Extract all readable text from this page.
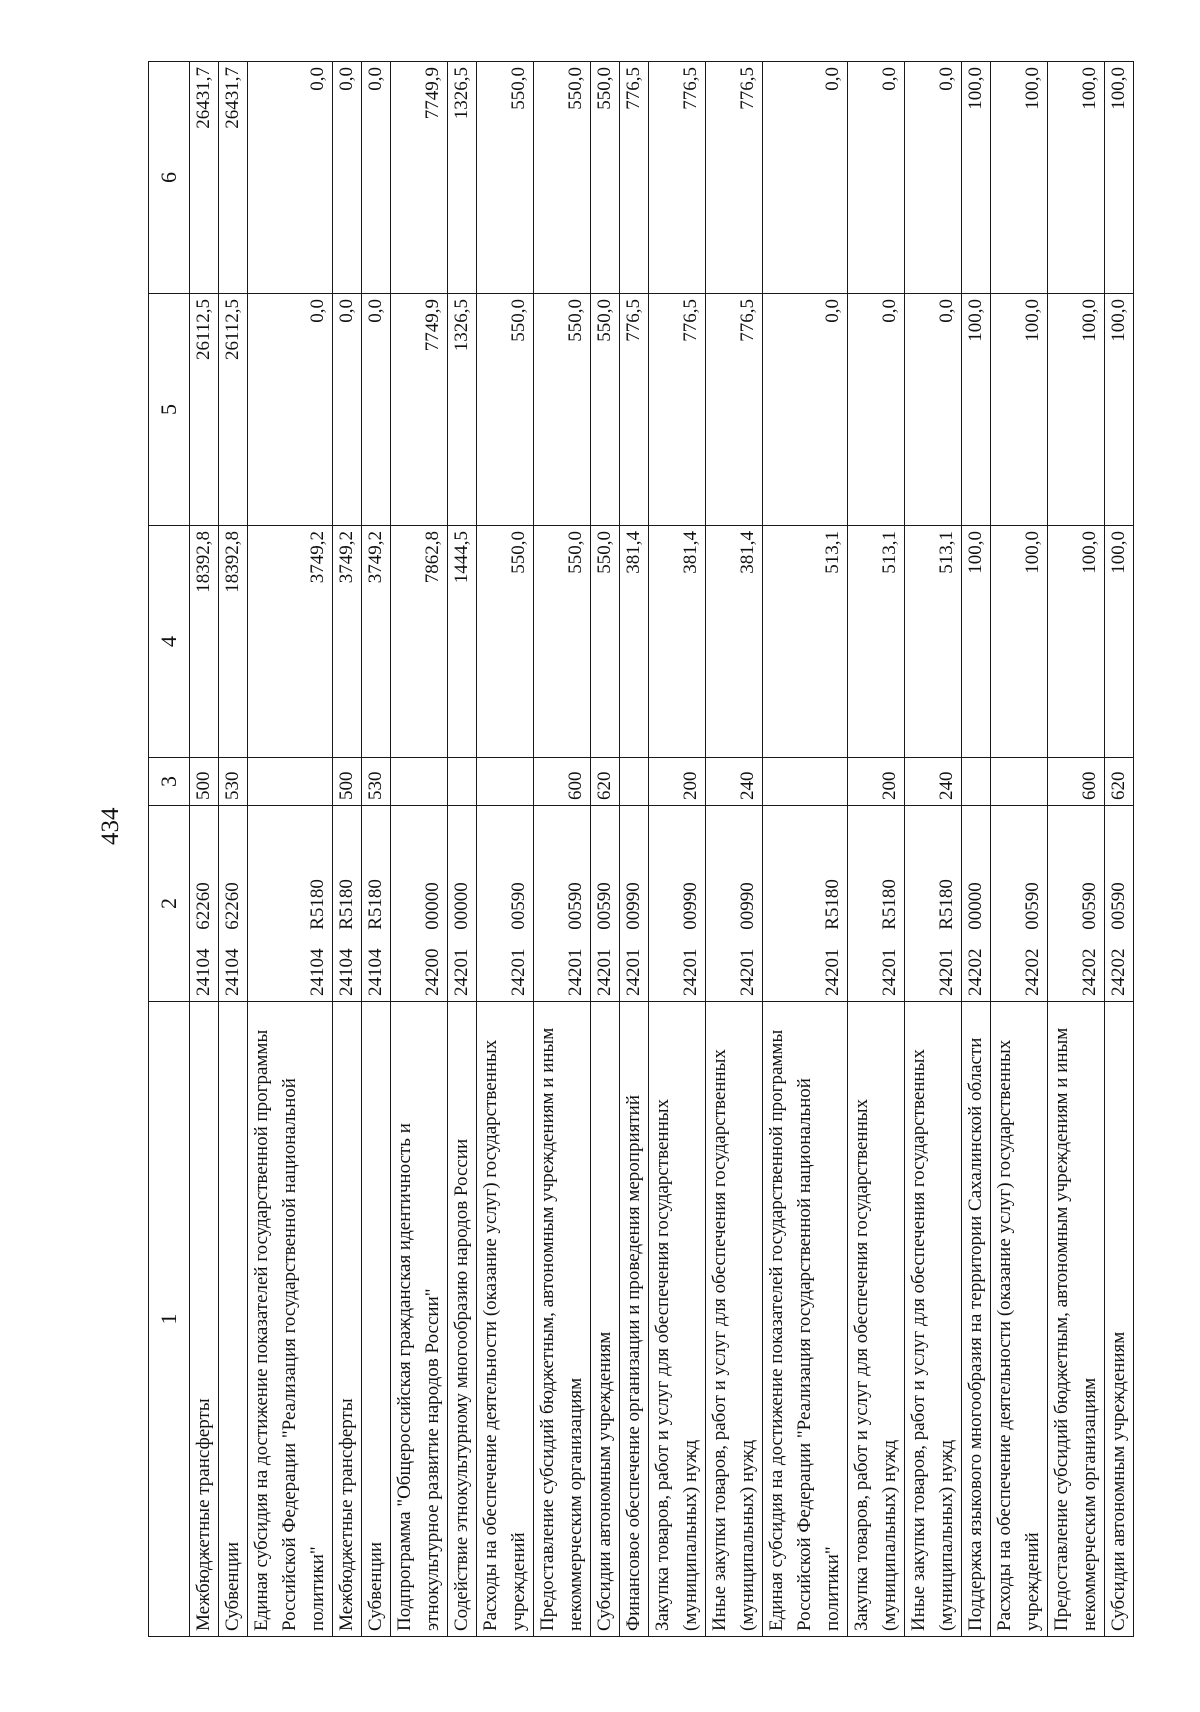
434
1	2	3	4	5	6
Межбюджетные трансферты	24104 62260	500	18392,8	26112,5	26431,7
Субвенции	24104 62260	530	18392,8	26112,5	26431,7
Единая субсидия на достижение показателей государственной программы Российской Федерации "Реализация государственной национальной политики"	24104 R5180		3749,2	0,0	0,0
Межбюджетные трансферты	24104 R5180	500	3749,2	0,0	0,0
Субвенции	24104 R5180	530	3749,2	0,0	0,0
Подпрограмма "Общероссийская гражданская идентичность и этнокультурное развитие народов России"	24200 00000		7862,8	7749,9	7749,9
Содействие этнокультурному многообразию народов России	24201 00000		1444,5	1326,5	1326,5
Расходы на обеспечение деятельности (оказание услуг) государственных учреждений	24201 00590		550,0	550,0	550,0
Предоставление субсидий бюджетным, автономным учреждениям и иным некоммерческим организациям	24201 00590	600	550,0	550,0	550,0
Субсидии автономным учреждениям	24201 00590	620	550,0	550,0	550,0
Финансовое обеспечение организации и проведения мероприятий	24201 00990		381,4	776,5	776,5
Закупка товаров, работ и услуг для обеспечения государственных (муниципальных) нужд	24201 00990	200	381,4	776,5	776,5
Иные закупки товаров, работ и услуг для обеспечения государственных (муниципальных) нужд	24201 00990	240	381,4	776,5	776,5
Единая субсидия на достижение показателей государственной программы Российской Федерации "Реализация государственной национальной политики"	24201 R5180		513,1	0,0	0,0
Закупка товаров, работ и услуг для обеспечения государственных (муниципальных) нужд	24201 R5180	200	513,1	0,0	0,0
Иные закупки товаров, работ и услуг для обеспечения государственных (муниципальных) нужд	24201 R5180	240	513,1	0,0	0,0
Поддержка языкового многообразия на территории Сахалинской области	24202 00000		100,0	100,0	100,0
Расходы на обеспечение деятельности (оказание услуг) государственных учреждений	24202 00590		100,0	100,0	100,0
Предоставление субсидий бюджетным, автономным учреждениям и иным некоммерческим организациям	24202 00590	600	100,0	100,0	100,0
Субсидии автономным учреждениям	24202 00590	620	100,0	100,0	100,0
